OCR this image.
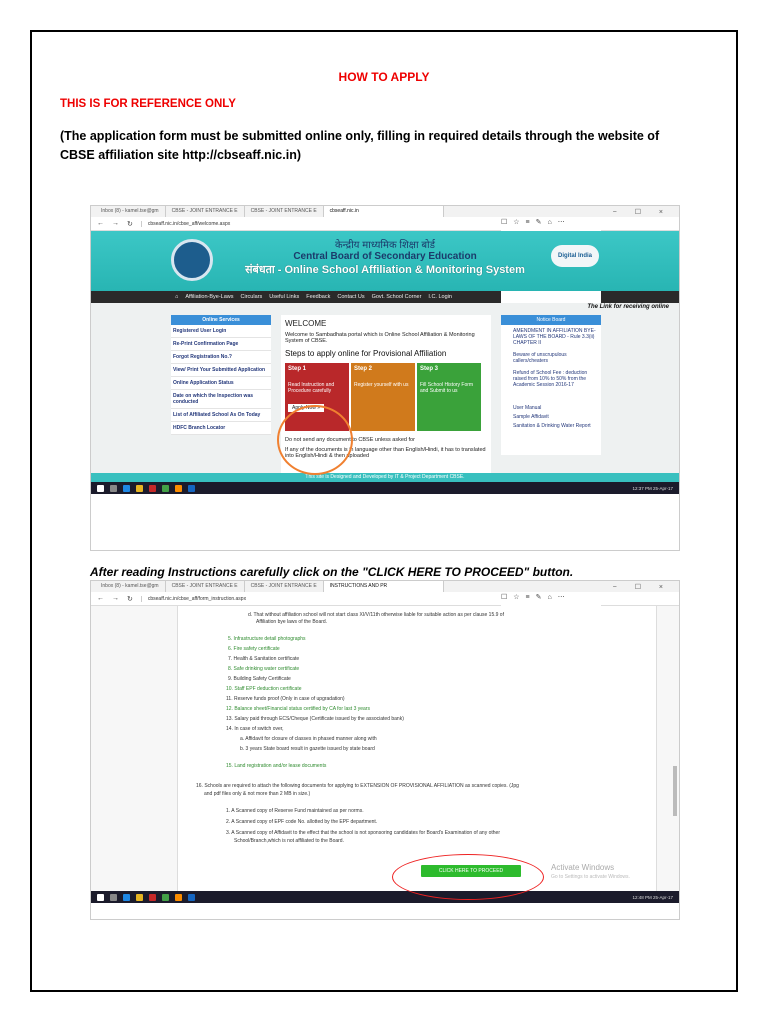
HOW TO APPLY
THIS IS FOR REFERENCE ONLY
(The application form must be submitted online only, filling in required details through the website of CBSE affiliation site http://cbseaff.nic.in)
Inbox (8) - kamel.tse@gm	CBSE - JOINT ENTRANCE E	CBSE - JOINT ENTRANCE E	cbseaff.nic.in	− ☐ ×
← → ↻	cbseaff.nic.in/cbse_aff/welcome.aspx	☐☆≡✎⌂⋯
Digital India
केन्द्रीय माध्यमिक शिक्षा बोर्ड
Central Board of Secondary Education
संबंधता - Online School Affiliation & Monitoring System
⌂ Affiliation-Bye-Laws Circulars Useful Links Feedback Contact Us Govt. School Corner I.C. Login
The Link for receiving online
Online Services
Registered User Login
Re-Print Confirmation Page
Forgot Registration No.?
View/ Print Your Submitted Application
Online Application Status
Date on which the Inspection was conducted
List of Affiliated School As On Today
HDFC Branch Locator
WELCOME
Welcome to Sambadhata portal which is Online School Affiliation & Monitoring System of CBSE.
Steps to apply online for Provisional Affiliation
Step 1
Read Instruction and Procedure carefully
Apply Now »
Step 2
Register yourself with us
Step 3
Fill School History Form and Submit to us
Do not send any document to CBSE unless asked for
If any of the documents is in language other than English/Hindi, it has to translated into English/Hindi & then uploaded
Notice Board
AMENDMENT IN AFFILIATION BYE-LAWS OF THE BOARD - Rule 3.3(ii) CHAPTER II
Beware of unscrupulous callers/cheaters
Refund of School Fee : deduction raised from 10% to 50% from the Academic Session 2016-17
User Manual
Sample Affidavit
Sanitation & Drinking Water Report
This site is Designed and Developed by IT & Project Department CBSE.
12:37 PM 25-Apr-17
After reading Instructions carefully click on the "CLICK HERE TO PROCEED" button.
Inbox (8) - kamel.tse@gm	CBSE - JOINT ENTRANCE E	CBSE - JOINT ENTRANCE E	INSTRUCTIONS AND PR	− ☐ ×
← → ↻	cbseaff.nic.in/cbse_aff/form_instruction.aspx	☐☆≡✎⌂⋯
d. That without affiliation school will not start class XI/V/11th otherwise liable for suitable action as per clause 15.9 of
Affiliation bye laws of the Board.
5. Infrastructure detail photographs
6. Fire safety certificate
7. Health & Sanitation certificate
8. Safe drinking water certificate
9. Building Safety Certificate
10. Staff EPF deduction certificate
11. Reserve funds proof (Only in case of upgradation)
12. Balance sheet/Financial status certified by CA for last 3 years
13. Salary paid through ECS/Cheque (Certificate issued by the associated bank)
14. In case of switch over,
a. Affidavit for closure of classes in phased manner along with
b. 3 years State board result in gazette issued by state board
15. Land registration and/or lease documents
16. Schools are required to attach the following documents for applying to EXTENSION OF PROVISIONAL AFFILIATION as scanned copies. (Jpg
and pdf files only & not more than 2 MB in size.)
1. A Scanned copy of Reserve Fund maintained as per norms.
2. A Scanned copy of EPF code No. allotted by the EPF department.
3. A Scanned copy of Affidavit to the effect that the school is not sponsoring candidates for Board's Examination of any other
School/Branch,which is not affiliated to the Board.
CLICK HERE TO PROCEED	Activate Windows
Go to Settings to activate Windows.
12:48 PM 25-Apr-17
